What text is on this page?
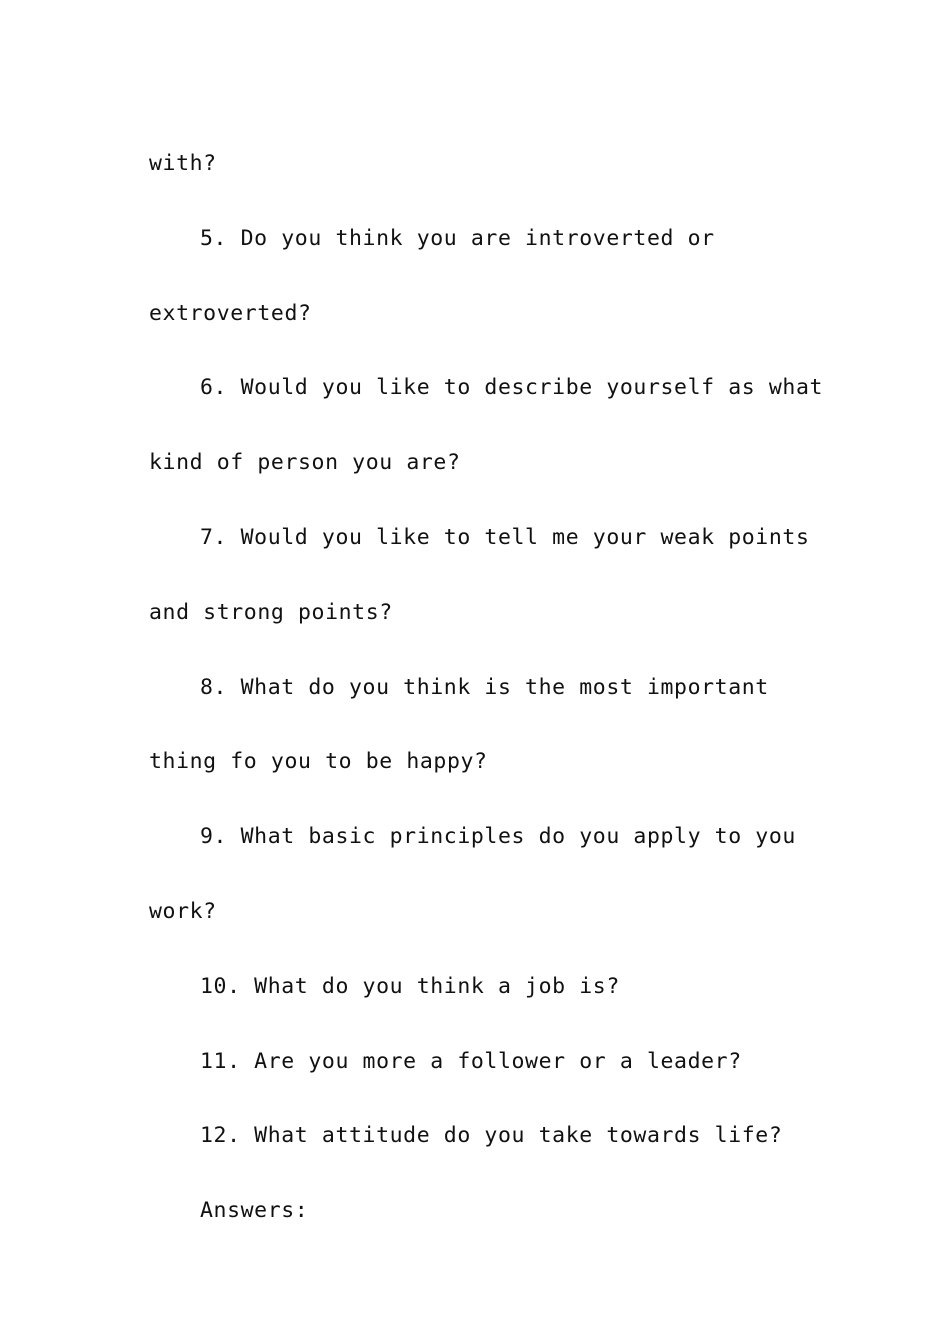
with?
5. Do you think you are introverted or
extroverted?
6. Would you like to describe yourself as what
kind of person you are?
7. Would you like to tell me your weak points
and strong points?
8. What do you think is the most important
thing fo you to be happy?
9. What basic principles do you apply to you
work?
10. What do you think a job is?
11. Are you more a follower or a leader?
12. What attitude do you take towards life?
Answers:
